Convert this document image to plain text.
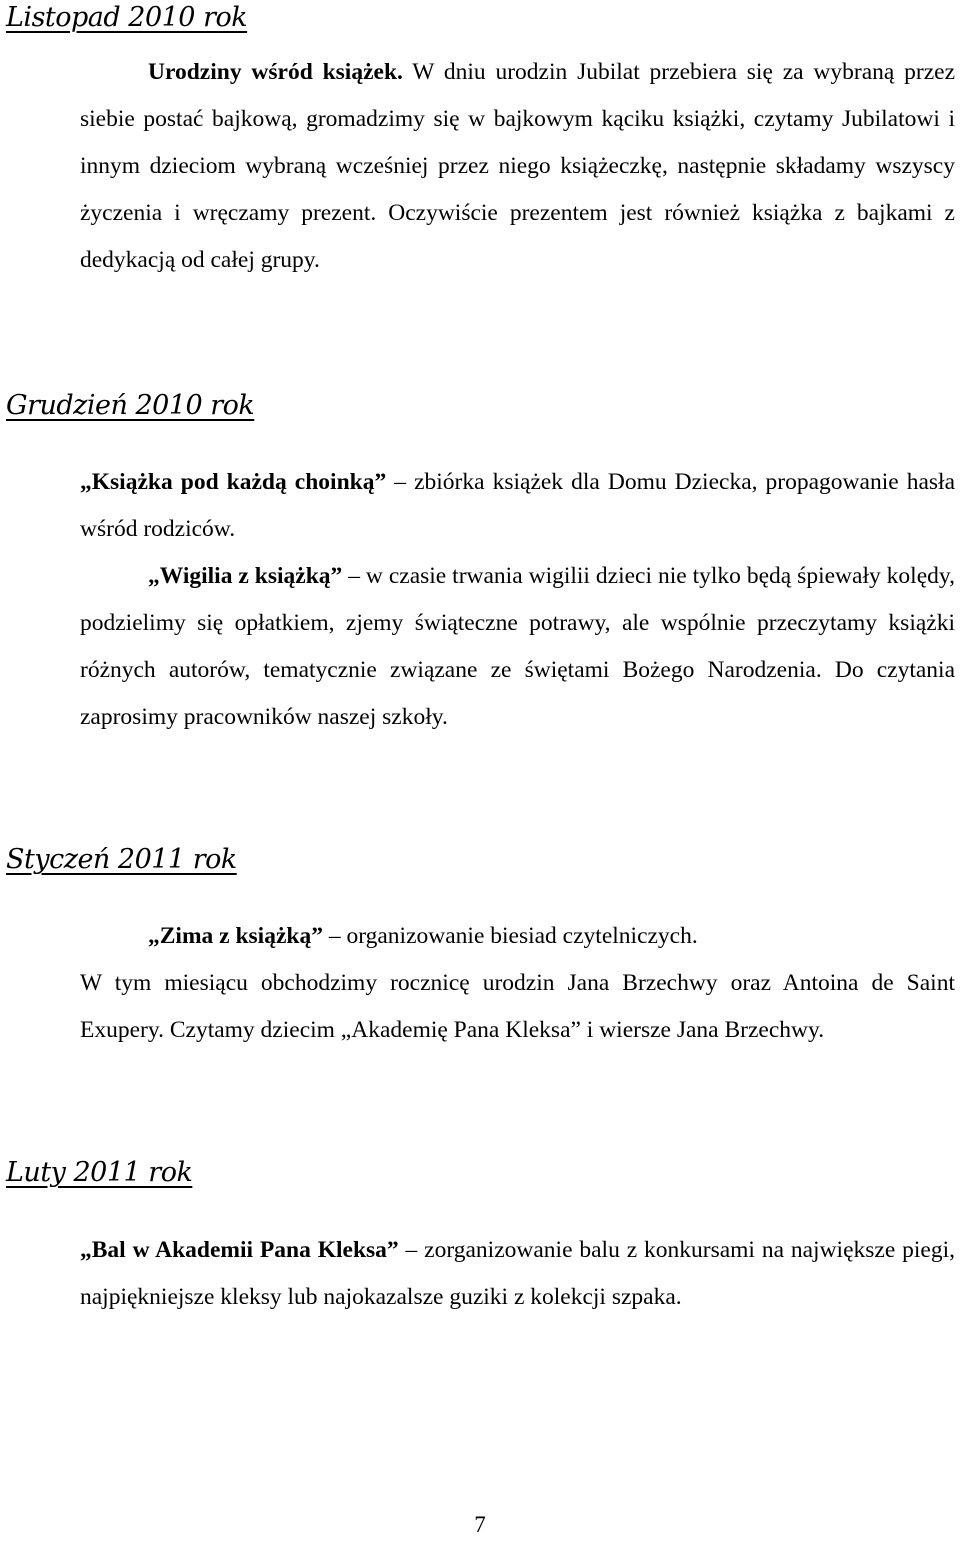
Listopad 2010 rok

Urodziny wśród książek. W dniu urodzin Jubilat przebiera się za wybraną przez siebie postać bajkową, gromadzimy się w bajkowym kąciku książki, czytamy Jubilatowi i innym dzieciom wybraną wcześniej przez niego książeczkę, następnie składamy wszyscy życzenia i wręczamy prezent. Oczywiście prezentem jest również książka z bajkami z dedykacją od całej grupy.

Grudzień 2010 rok

„Książka pod każdą choinką” – zbiórka książek dla Domu Dziecka, propagowanie hasła wśród rodziców.

„Wigilia z książką” – w czasie trwania wigilii dzieci nie tylko będą śpiewały kolędy, podzielimy się opłatkiem, zjemy świąteczne potrawy, ale wspólnie przeczytamy książki różnych autorów, tematycznie związane ze świętami Bożego Narodzenia. Do czytania zaprosimy pracowników naszej szkoły.

Styczeń 2011 rok

„Zima z książką” – organizowanie biesiad czytelniczych.

W tym miesiącu obchodzimy rocznicę urodzin Jana Brzechwy oraz Antoina de Saint Exupery. Czytamy dziecim „Akademię Pana Kleksa” i wiersze Jana Brzechwy.

Luty 2011 rok

„Bal w Akademii Pana Kleksa” – zorganizowanie balu z konkursami na największe piegi, najpiękniejsze kleksy lub najokazalsze guziki z kolekcji szpaka.

7
